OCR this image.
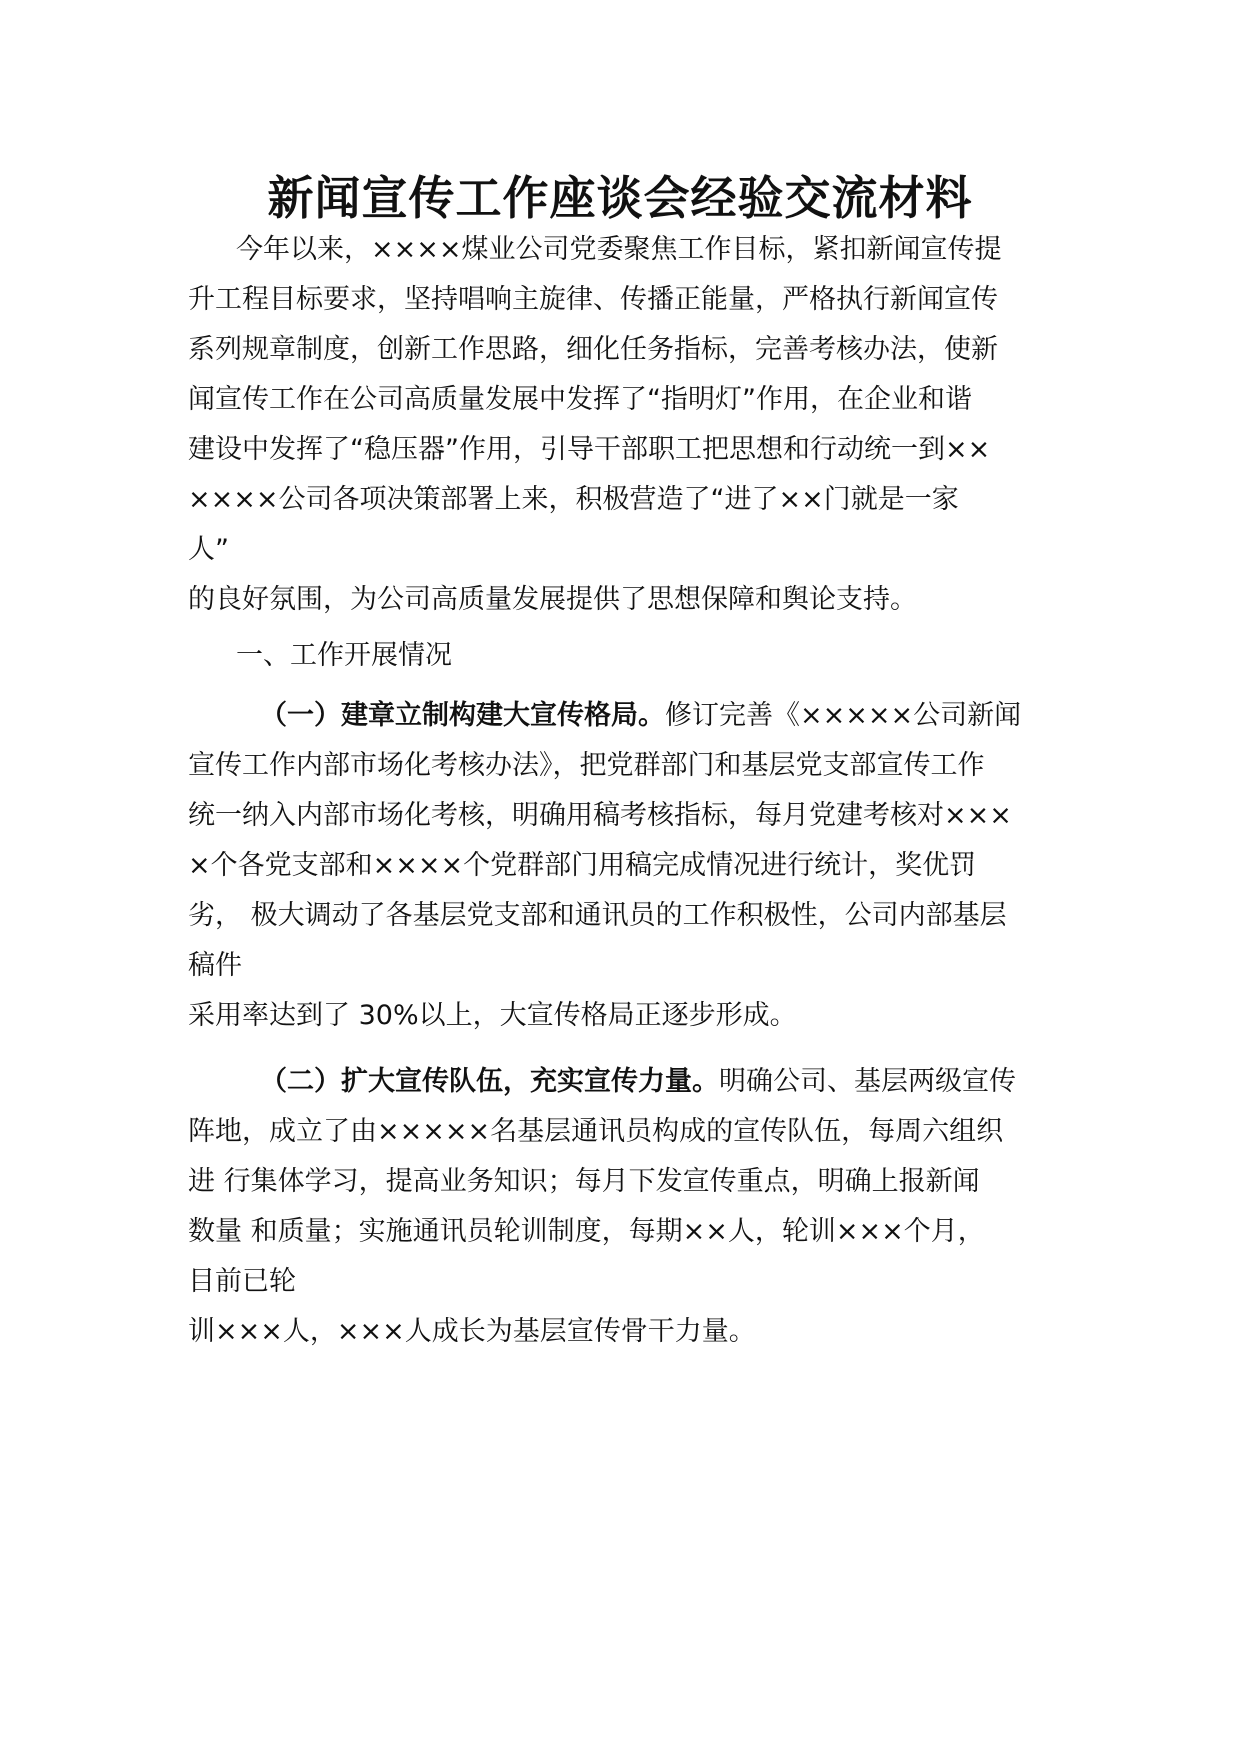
新闻宣传工作座谈会经验交流材料
今年以来，××××煤业公司党委聚焦工作目标，紧扣新闻宣传提
升工程目标要求，坚持唱响主旋律、传播正能量，严格执行新闻宣传
系列规章制度，创新工作思路，细化任务指标，完善考核办法，使新
闻宣传工作在公司高质量发展中发挥了“指明灯”作用，在企业和谐
建设中发挥了“稳压器”作用，引导干部职工把思想和行动统一到××
××××公司各项决策部署上来，积极营造了“进了××门就是一家
人”
的良好氛围，为公司高质量发展提供了思想保障和舆论支持。
一、工作开展情况
（一）建章立制构建大宣传格局。修订完善《×××××公司新闻
宣传工作内部市场化考核办法》，把党群部门和基层党支部宣传工作
统一纳入内部市场化考核，明确用稿考核指标，每月党建考核对×××
×个各党支部和××××个党群部门用稿完成情况进行统计，奖优罚
劣， 极大调动了各基层党支部和通讯员的工作积极性，公司内部基层
稿件
采用率达到了 30%以上，大宣传格局正逐步形成。
（二）扩大宣传队伍，充实宣传力量。明确公司、基层两级宣传
阵地，成立了由×××××名基层通讯员构成的宣传队伍，每周六组织
进 行集体学习，提高业务知识；每月下发宣传重点，明确上报新闻
数量 和质量；实施通讯员轮训制度，每期××人，轮训×××个月，
目前已轮
训×××人，×××人成长为基层宣传骨干力量。
